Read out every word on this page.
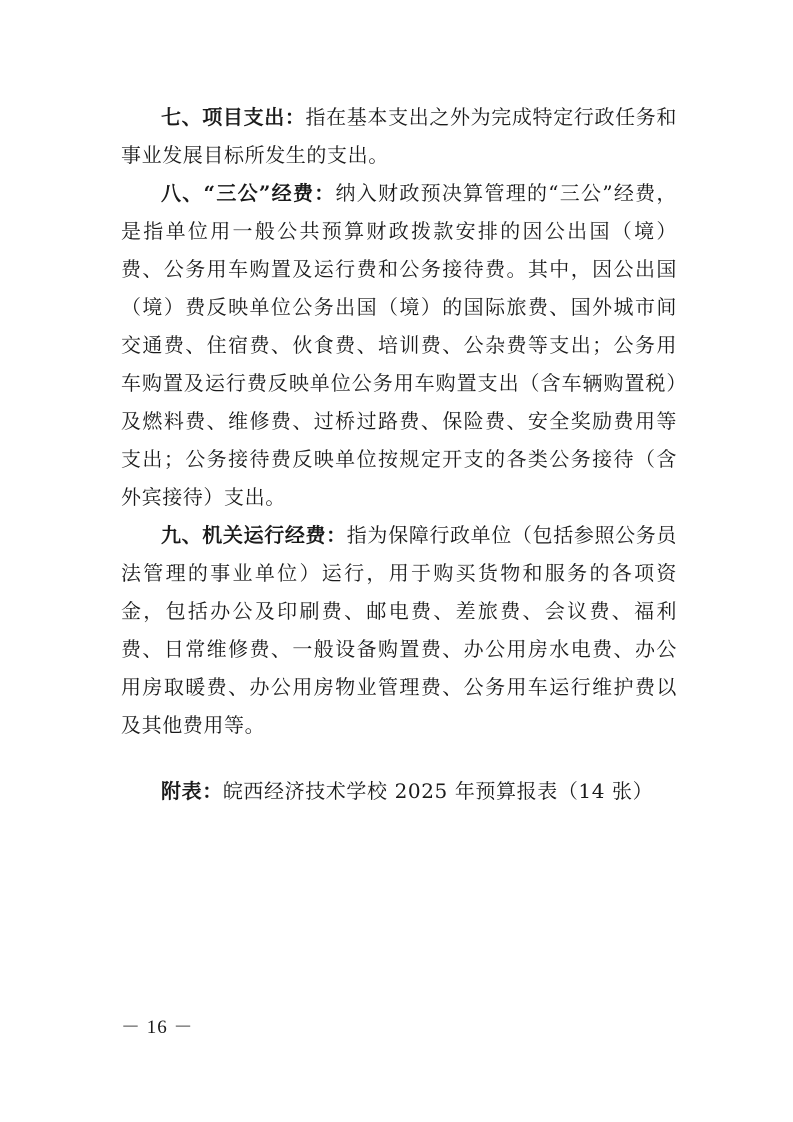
七、项目支出：指在基本支出之外为完成特定行政任务和事业发展目标所发生的支出。

八、“三公”经费：纳入财政预决算管理的“三公”经费，是指单位用一般公共预算财政拨款安排的因公出国（境）费、公务用车购置及运行费和公务接待费。其中，因公出国（境）费反映单位公务出国（境）的国际旅费、国外城市间交通费、住宿费、伙食费、培训费、公杂费等支出；公务用车购置及运行费反映单位公务用车购置支出（含车辆购置税）及燃料费、维修费、过桥过路费、保险费、安全奖励费用等支出；公务接待费反映单位按规定开支的各类公务接待（含外宾接待）支出。

九、机关运行经费：指为保障行政单位（包括参照公务员法管理的事业单位）运行，用于购买货物和服务的各项资金，包括办公及印刷费、邮电费、差旅费、会议费、福利费、日常维修费、一般设备购置费、办公用房水电费、办公用房取暖费、办公用房物业管理费、公务用车运行维护费以及其他费用等。

附表：皖西经济技术学校 2025 年预算报表（14 张）
－ 16 －
